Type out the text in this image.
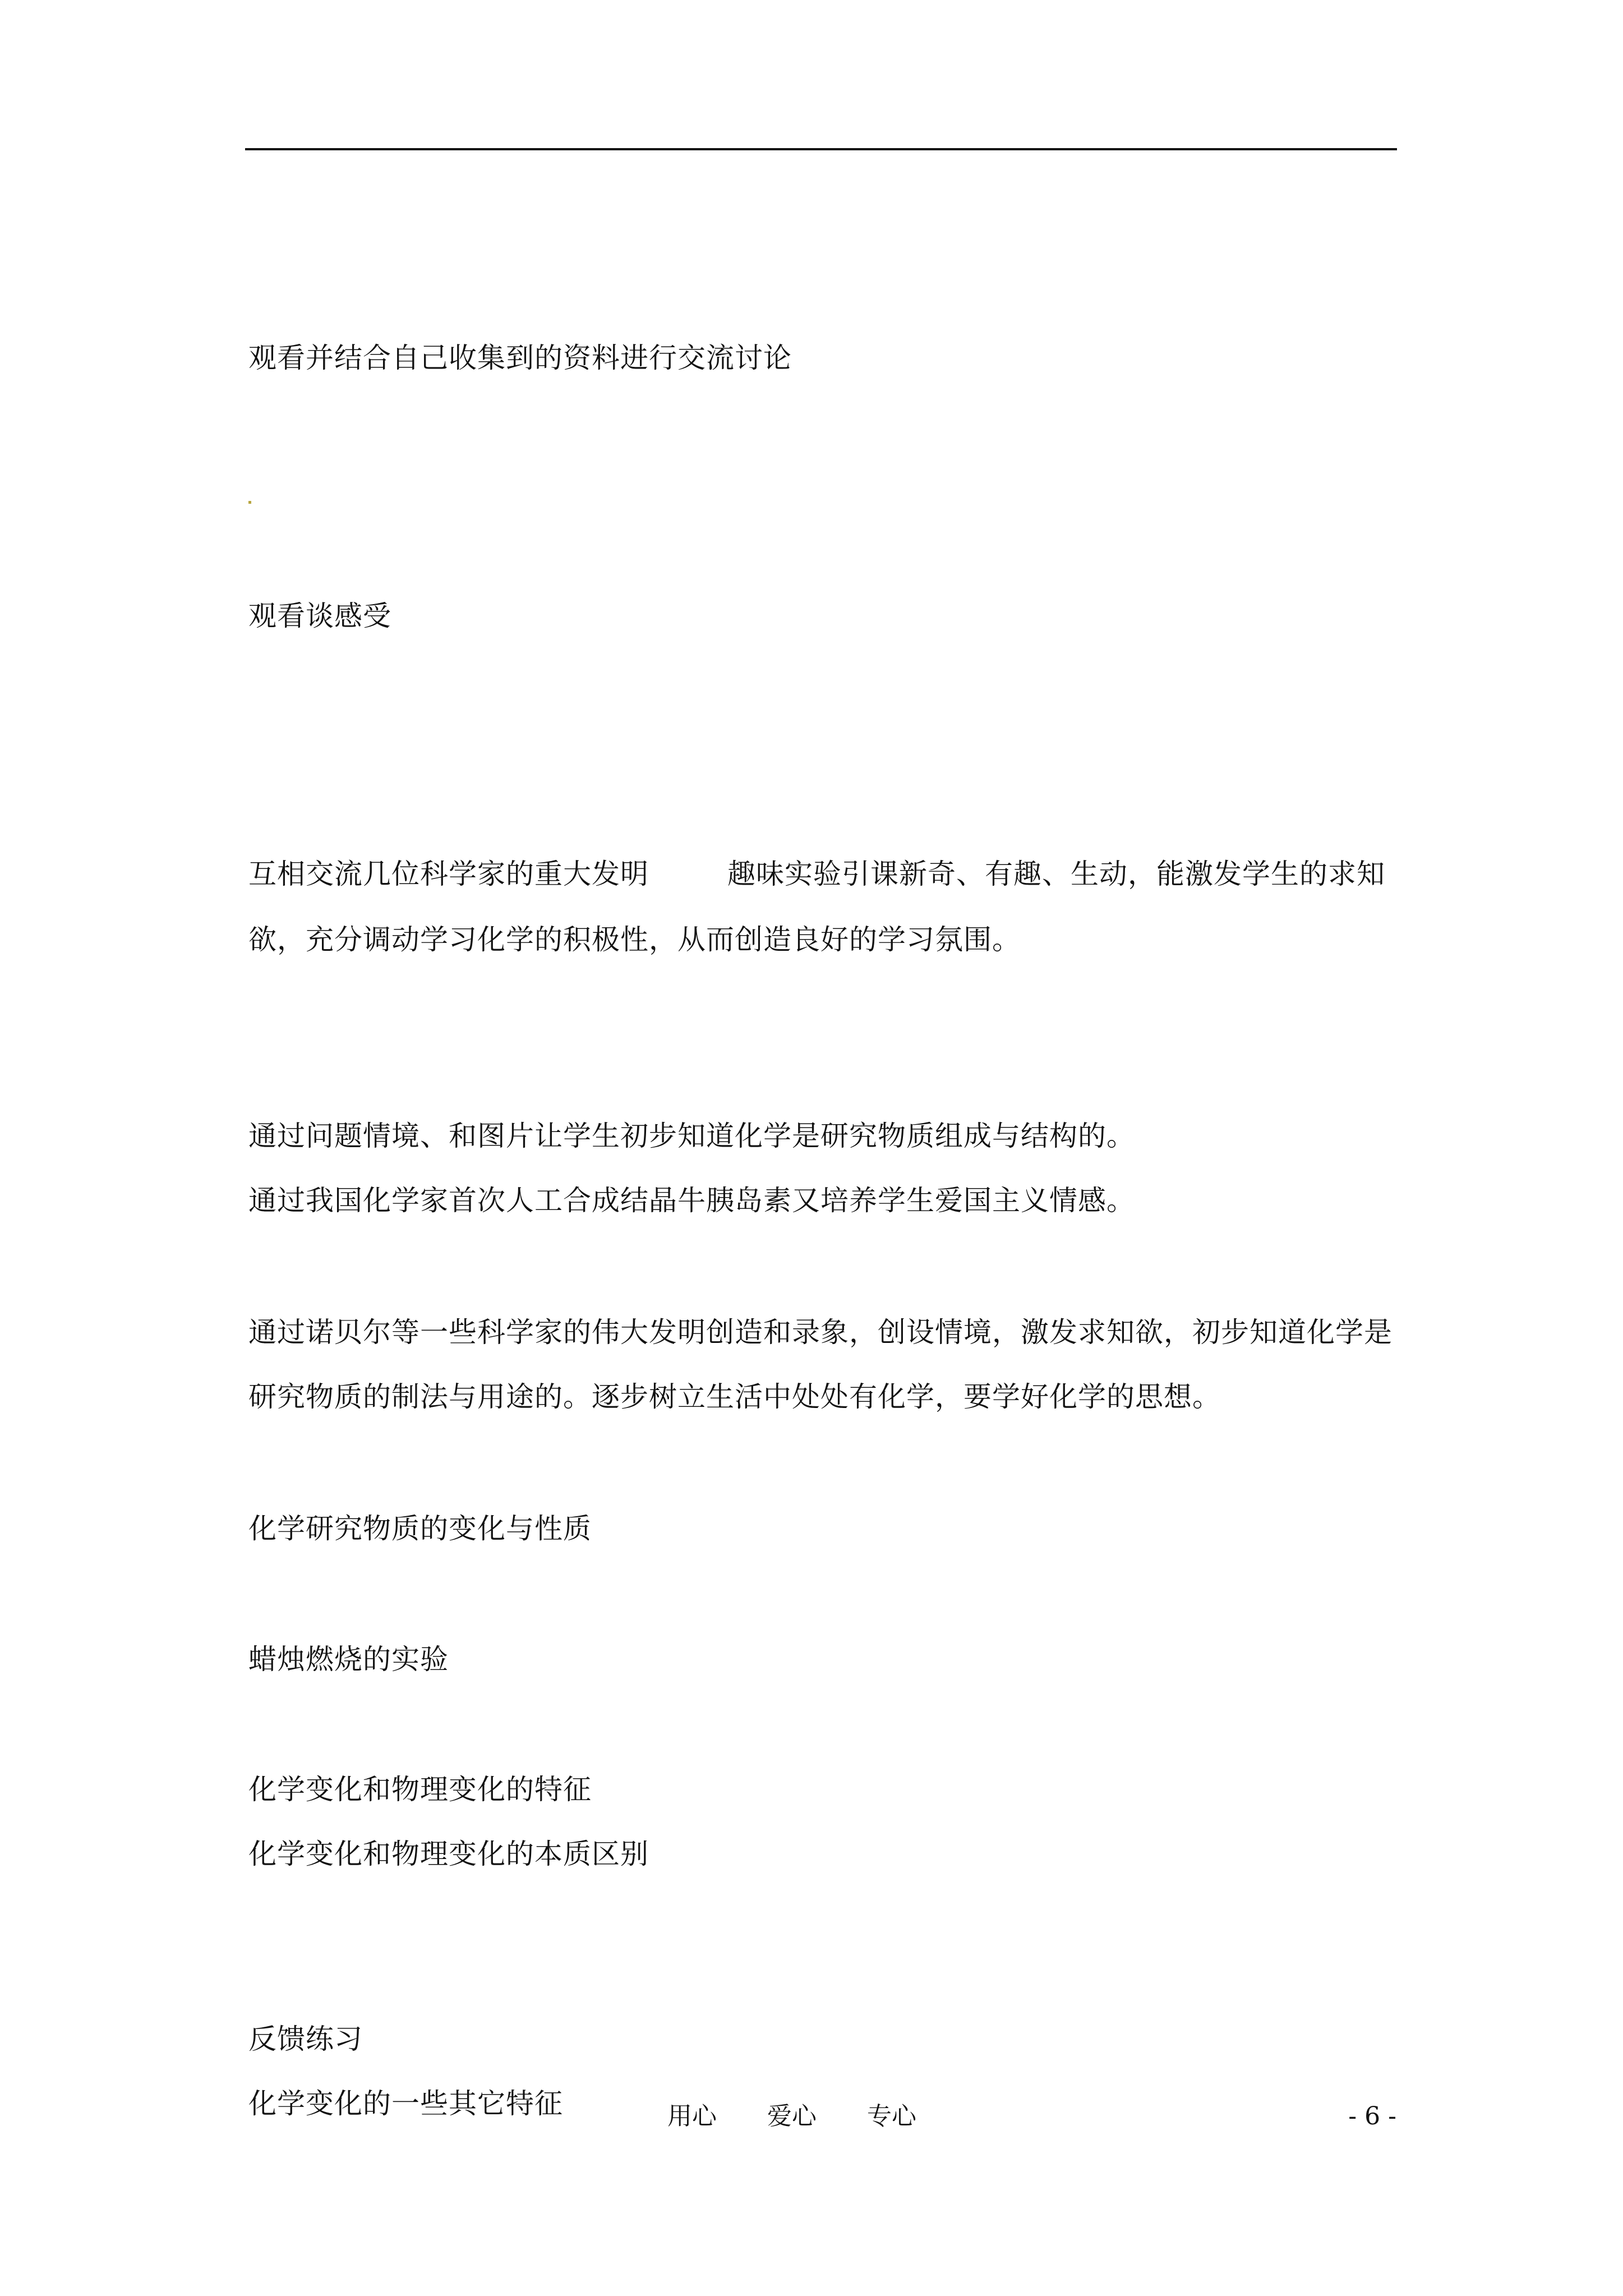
观看并结合自己收集到的资料进行交流讨论
观看谈感受
互相交流几位科学家的重大发明	趣味实验引课新奇、有趣、生动，能激发学生的求知
欲，充分调动学习化学的积极性，从而创造良好的学习氛围。
通过问题情境、和图片让学生初步知道化学是研究物质组成与结构的。
通过我国化学家首次人工合成结晶牛胰岛素又培养学生爱国主义情感。
通过诺贝尔等一些科学家的伟大发明创造和录象，创设情境，激发求知欲，初步知道化学是
研究物质的制法与用途的。逐步树立生活中处处有化学，要学好化学的思想。
化学研究物质的变化与性质
蜡烛燃烧的实验
化学变化和物理变化的特征
化学变化和物理变化的本质区别
反馈练习
化学变化的一些其它特征	用心 爱心 专心	- 6 -
